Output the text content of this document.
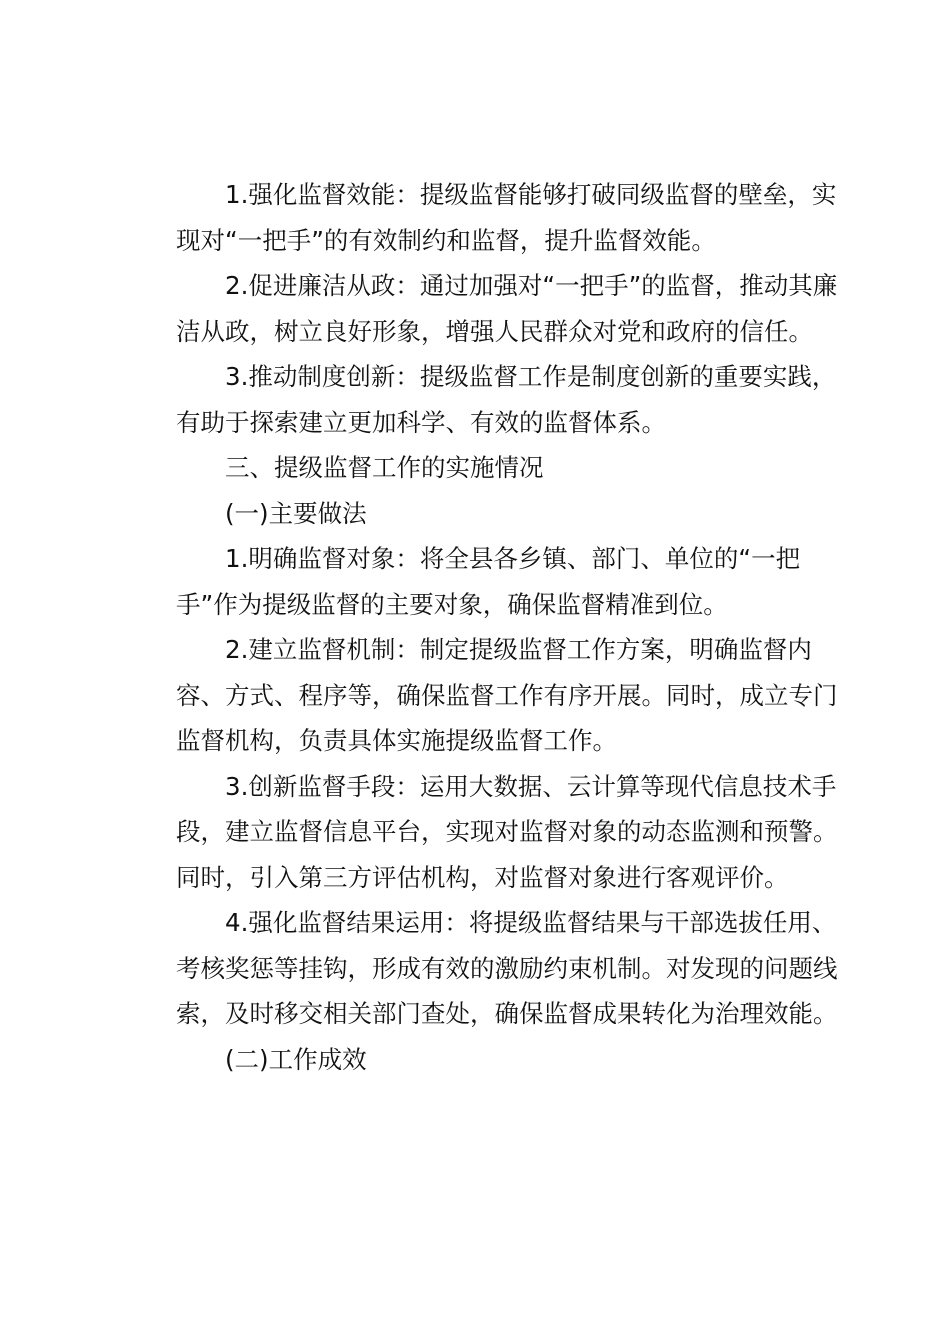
1.强化监督效能：提级监督能够打破同级监督的壁垒，实
现对“一把手”的有效制约和监督，提升监督效能。

2.促进廉洁从政：通过加强对“一把手”的监督，推动其廉
洁从政，树立良好形象，增强人民群众对党和政府的信任。

3.推动制度创新：提级监督工作是制度创新的重要实践，
有助于探索建立更加科学、有效的监督体系。

三、提级监督工作的实施情况

(一)主要做法

1.明确监督对象：将全县各乡镇、部门、单位的“一把
手”作为提级监督的主要对象，确保监督精准到位。

2.建立监督机制：制定提级监督工作方案，明确监督内
容、方式、程序等，确保监督工作有序开展。同时，成立专门
监督机构，负责具体实施提级监督工作。

3.创新监督手段：运用大数据、云计算等现代信息技术手
段，建立监督信息平台，实现对监督对象的动态监测和预警。
同时，引入第三方评估机构，对监督对象进行客观评价。

4.强化监督结果运用：将提级监督结果与干部选拔任用、
考核奖惩等挂钩，形成有效的激励约束机制。对发现的问题线
索，及时移交相关部门查处，确保监督成果转化为治理效能。

(二)工作成效
